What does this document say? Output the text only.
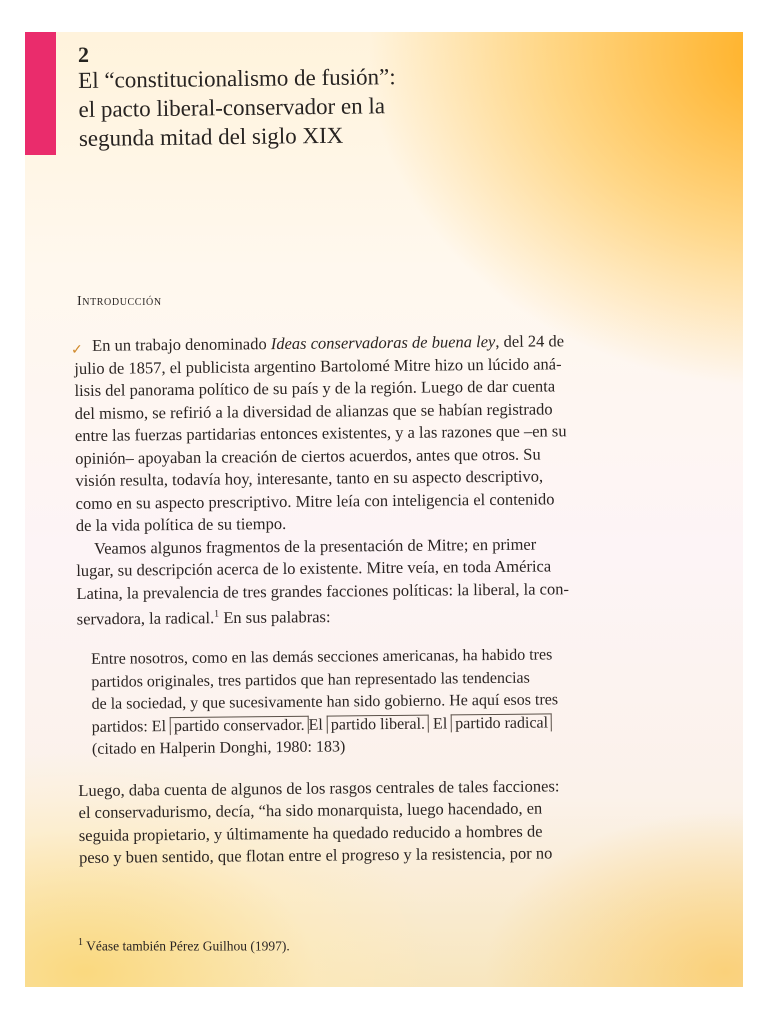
2
El “constitucionalismo de fusión”:
el pacto liberal-conservador en la
segunda mitad del siglo XIX
Introducción
✓ En un trabajo denominado Ideas conservadoras de buena ley, del 24 de
julio de 1857, el publicista argentino Bartolomé Mitre hizo un lúcido aná-
lisis del panorama político de su país y de la región. Luego de dar cuenta
del mismo, se refirió a la diversidad de alianzas que se habían registrado
entre las fuerzas partidarias entonces existentes, y a las razones que –en su
opinión– apoyaban la creación de ciertos acuerdos, antes que otros. Su
visión resulta, todavía hoy, interesante, tanto en su aspecto descriptivo,
como en su aspecto prescriptivo. Mitre leía con inteligencia el contenido
de la vida política de su tiempo.

Veamos algunos fragmentos de la presentación de Mitre; en primer
lugar, su descripción acerca de lo existente. Mitre veía, en toda América
Latina, la prevalencia de tres grandes facciones políticas: la liberal, la con-
servadora, la radical.$^1$ En sus palabras:

Entre nosotros, como en las demás secciones americanas, ha habido tres
partidos originales, tres partidos que han representado las tendencias
de la sociedad, y que sucesivamente han sido gobierno. He aquí esos tres
partidos: El partido conservador. El partido liberal. El partido radical
(citado en Halperin Donghi, 1980: 183)

Luego, daba cuenta de algunos de los rasgos centrales de tales facciones:
el conservadurismo, decía, “ha sido monarquista, luego hacendado, en
seguida propietario, y últimamente ha quedado reducido a hombres de
peso y buen sentido, que flotan entre el progreso y la resistencia, por no

$^1$ Véase también Pérez Guilhou (1997).
